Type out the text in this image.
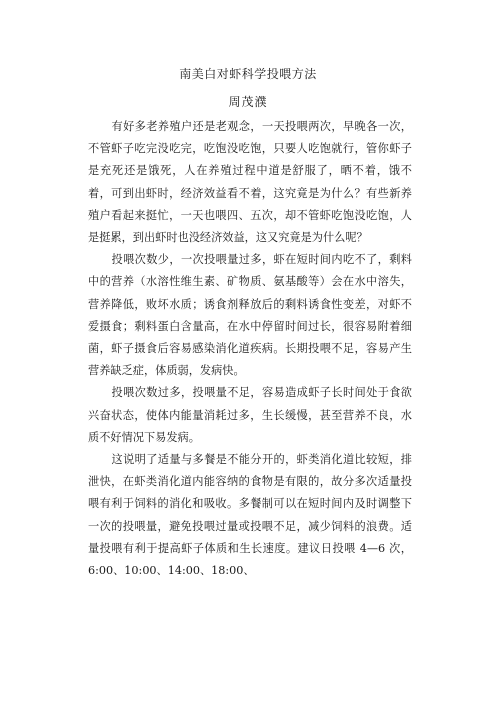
南美白对虾科学投喂方法
周茂濮

有好多老养殖户还是老观念，一天投喂两次，早晚各一次，不管虾子吃完没吃完，吃饱没吃饱，只要人吃饱就行，管你虾子是充死还是饿死，人在养殖过程中道是舒服了，晒不着，饿不着，可到出虾时，经济效益看不着，这究竟是为什么？有些新养殖户看起来挺忙，一天也喂四、五次，却不管虾吃饱没吃饱，人是挺累，到出虾时也没经济效益，这又究竟是为什么呢？

投喂次数少，一次投喂量过多，虾在短时间内吃不了，剩料中的营养（水溶性维生素、矿物质、氨基酸等）会在水中溶失，营养降低，败坏水质；诱食剂释放后的剩料诱食性变差，对虾不爱摄食；剩料蛋白含量高，在水中停留时间过长，很容易附着细菌，虾子摄食后容易感染消化道疾病。长期投喂不足，容易产生营养缺乏症，体质弱，发病快。

投喂次数过多，投喂量不足，容易造成虾子长时间处于食欲兴奋状态，使体内能量消耗过多，生长缓慢，甚至营养不良，水质不好情况下易发病。

这说明了适量与多餐是不能分开的，虾类消化道比较短，排泄快，在虾类消化道内能容纳的食物是有限的，故分多次适量投喂有利于饲料的消化和吸收。多餐制可以在短时间内及时调整下一次的投喂量，避免投喂过量或投喂不足，减少饲料的浪费。适量投喂有利于提高虾子体质和生长速度。建议日投喂 4—6 次，6:00、10:00、14:00、18:00、
